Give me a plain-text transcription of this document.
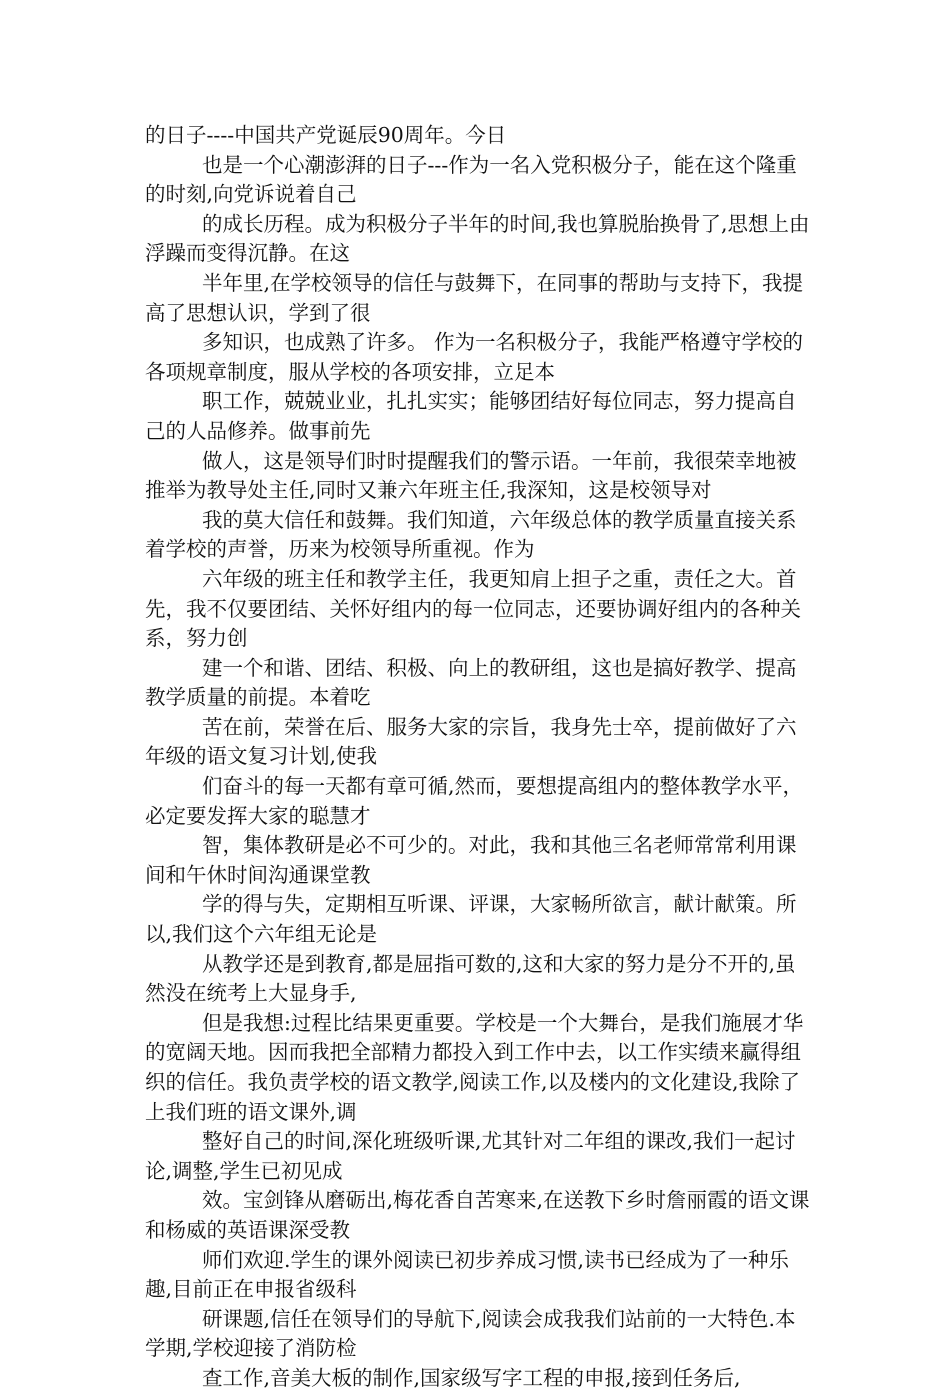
的日子----中国共产党诞辰90周年。今日

也是一个心潮澎湃的日子---作为一名入党积极分子，能在这个隆重的时刻,向党诉说着自己

的成长历程。成为积极分子半年的时间,我也算脱胎换骨了,思想上由浮躁而变得沉静。在这

半年里,在学校领导的信任与鼓舞下，在同事的帮助与支持下，我提高了思想认识，学到了很

多知识，也成熟了许多。 作为一名积极分子，我能严格遵守学校的各项规章制度，服从学校的各项安排，立足本

职工作，兢兢业业，扎扎实实；能够团结好每位同志，努力提高自己的人品修养。做事前先

做人，这是领导们时时提醒我们的警示语。一年前，我很荣幸地被推举为教导处主任,同时又兼六年班主任,我深知，这是校领导对

我的莫大信任和鼓舞。我们知道，六年级总体的教学质量直接关系着学校的声誉，历来为校领导所重视。作为

六年级的班主任和教学主任，我更知肩上担子之重，责任之大。首先，我不仅要团结、关怀好组内的每一位同志，还要协调好组内的各种关系，努力创

建一个和谐、团结、积极、向上的教研组，这也是搞好教学、提高教学质量的前提。本着吃

苦在前，荣誉在后、服务大家的宗旨，我身先士卒，提前做好了六年级的语文复习计划,使我

们奋斗的每一天都有章可循,然而，要想提高组内的整体教学水平，必定要发挥大家的聪慧才

智，集体教研是必不可少的。对此，我和其他三名老师常常利用课间和午休时间沟通课堂教

学的得与失，定期相互听课、评课，大家畅所欲言，献计献策。所以,我们这个六年组无论是

从教学还是到教育,都是屈指可数的,这和大家的努力是分不开的,虽然没在统考上大显身手,

但是我想:过程比结果更重要。学校是一个大舞台，是我们施展才华的宽阔天地。因而我把全部精力都投入到工作中去，以工作实绩来赢得组织的信任。我负责学校的语文教学,阅读工作,以及楼内的文化建设,我除了上我们班的语文课外,调

整好自己的时间,深化班级听课,尤其针对二年组的课改,我们一起讨论,调整,学生已初见成

效。宝剑锋从磨砺出,梅花香自苦寒来,在送教下乡时詹丽霞的语文课和杨威的英语课深受教

师们欢迎.学生的课外阅读已初步养成习惯,读书已经成为了一种乐趣,目前正在申报省级科

研课题,信任在领导们的导航下,阅读会成我我们站前的一大特色.本学期,学校迎接了消防检

查工作,音美大板的制作,国家级写字工程的申报,接到任务后,
